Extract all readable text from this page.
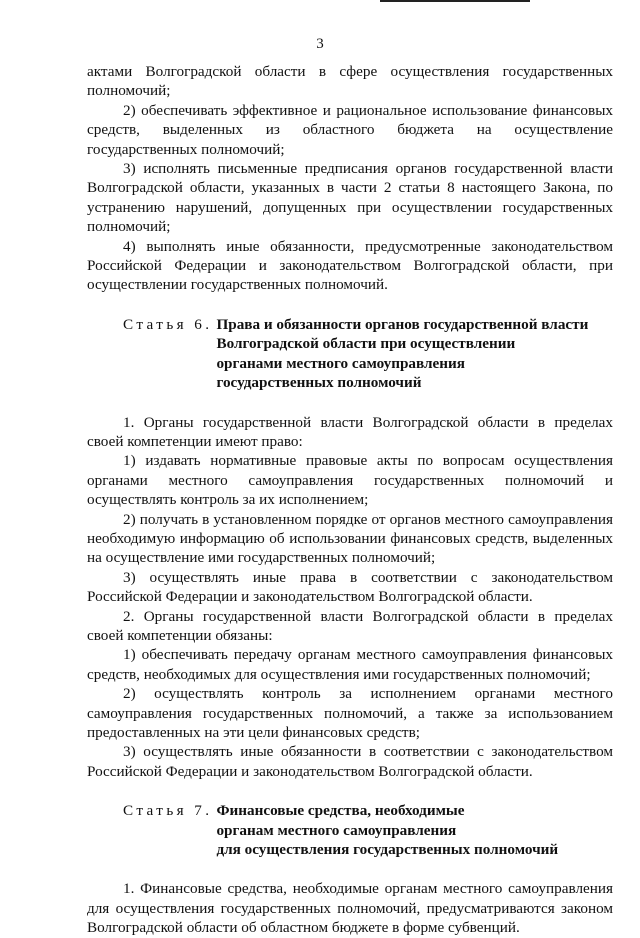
3

актами Волгоградской области в сфере осуществления государственных полномочий;

2) обеспечивать эффективное и рациональное использование финансовых средств, выделенных из областного бюджета на осуществление государственных полномочий;

3) исполнять письменные предписания органов государственной власти Волгоградской области, указанных в части 2 статьи 8 настоящего Закона, по устранению нарушений, допущенных при осуществлении государственных полномочий;

4) выполнять иные обязанности, предусмотренные законодательством Российской Федерации и законодательством Волгоградской области, при осуществлении государственных полномочий.

Статья 6. Права и обязанности органов государственной власти
Волгоградской области при осуществлении
органами местного самоуправления
государственных полномочий

1. Органы государственной власти Волгоградской области в пределах своей компетенции имеют право:

1) издавать нормативные правовые акты по вопросам осуществления органами местного самоуправления государственных полномочий и осуществлять контроль за их исполнением;

2) получать в установленном порядке от органов местного самоуправления необходимую информацию об использовании финансовых средств, выделенных на осуществление ими государственных полномочий;

3) осуществлять иные права в соответствии с законодательством Российской Федерации и законодательством Волгоградской области.

2. Органы государственной власти Волгоградской области в пределах своей компетенции обязаны:

1) обеспечивать передачу органам местного самоуправления финансовых средств, необходимых для осуществления ими государственных полномочий;

2) осуществлять контроль за исполнением органами местного самоуправления государственных полномочий, а также за использованием предоставленных на эти цели финансовых средств;

3) осуществлять иные обязанности в соответствии с законодательством Российской Федерации и законодательством Волгоградской области.

Статья 7. Финансовые средства, необходимые
органам местного самоуправления
для осуществления государственных полномочий

1. Финансовые средства, необходимые органам местного самоуправления для осуществления государственных полномочий, предусматриваются законом Волгоградской области об областном бюджете в форме субвенций.
